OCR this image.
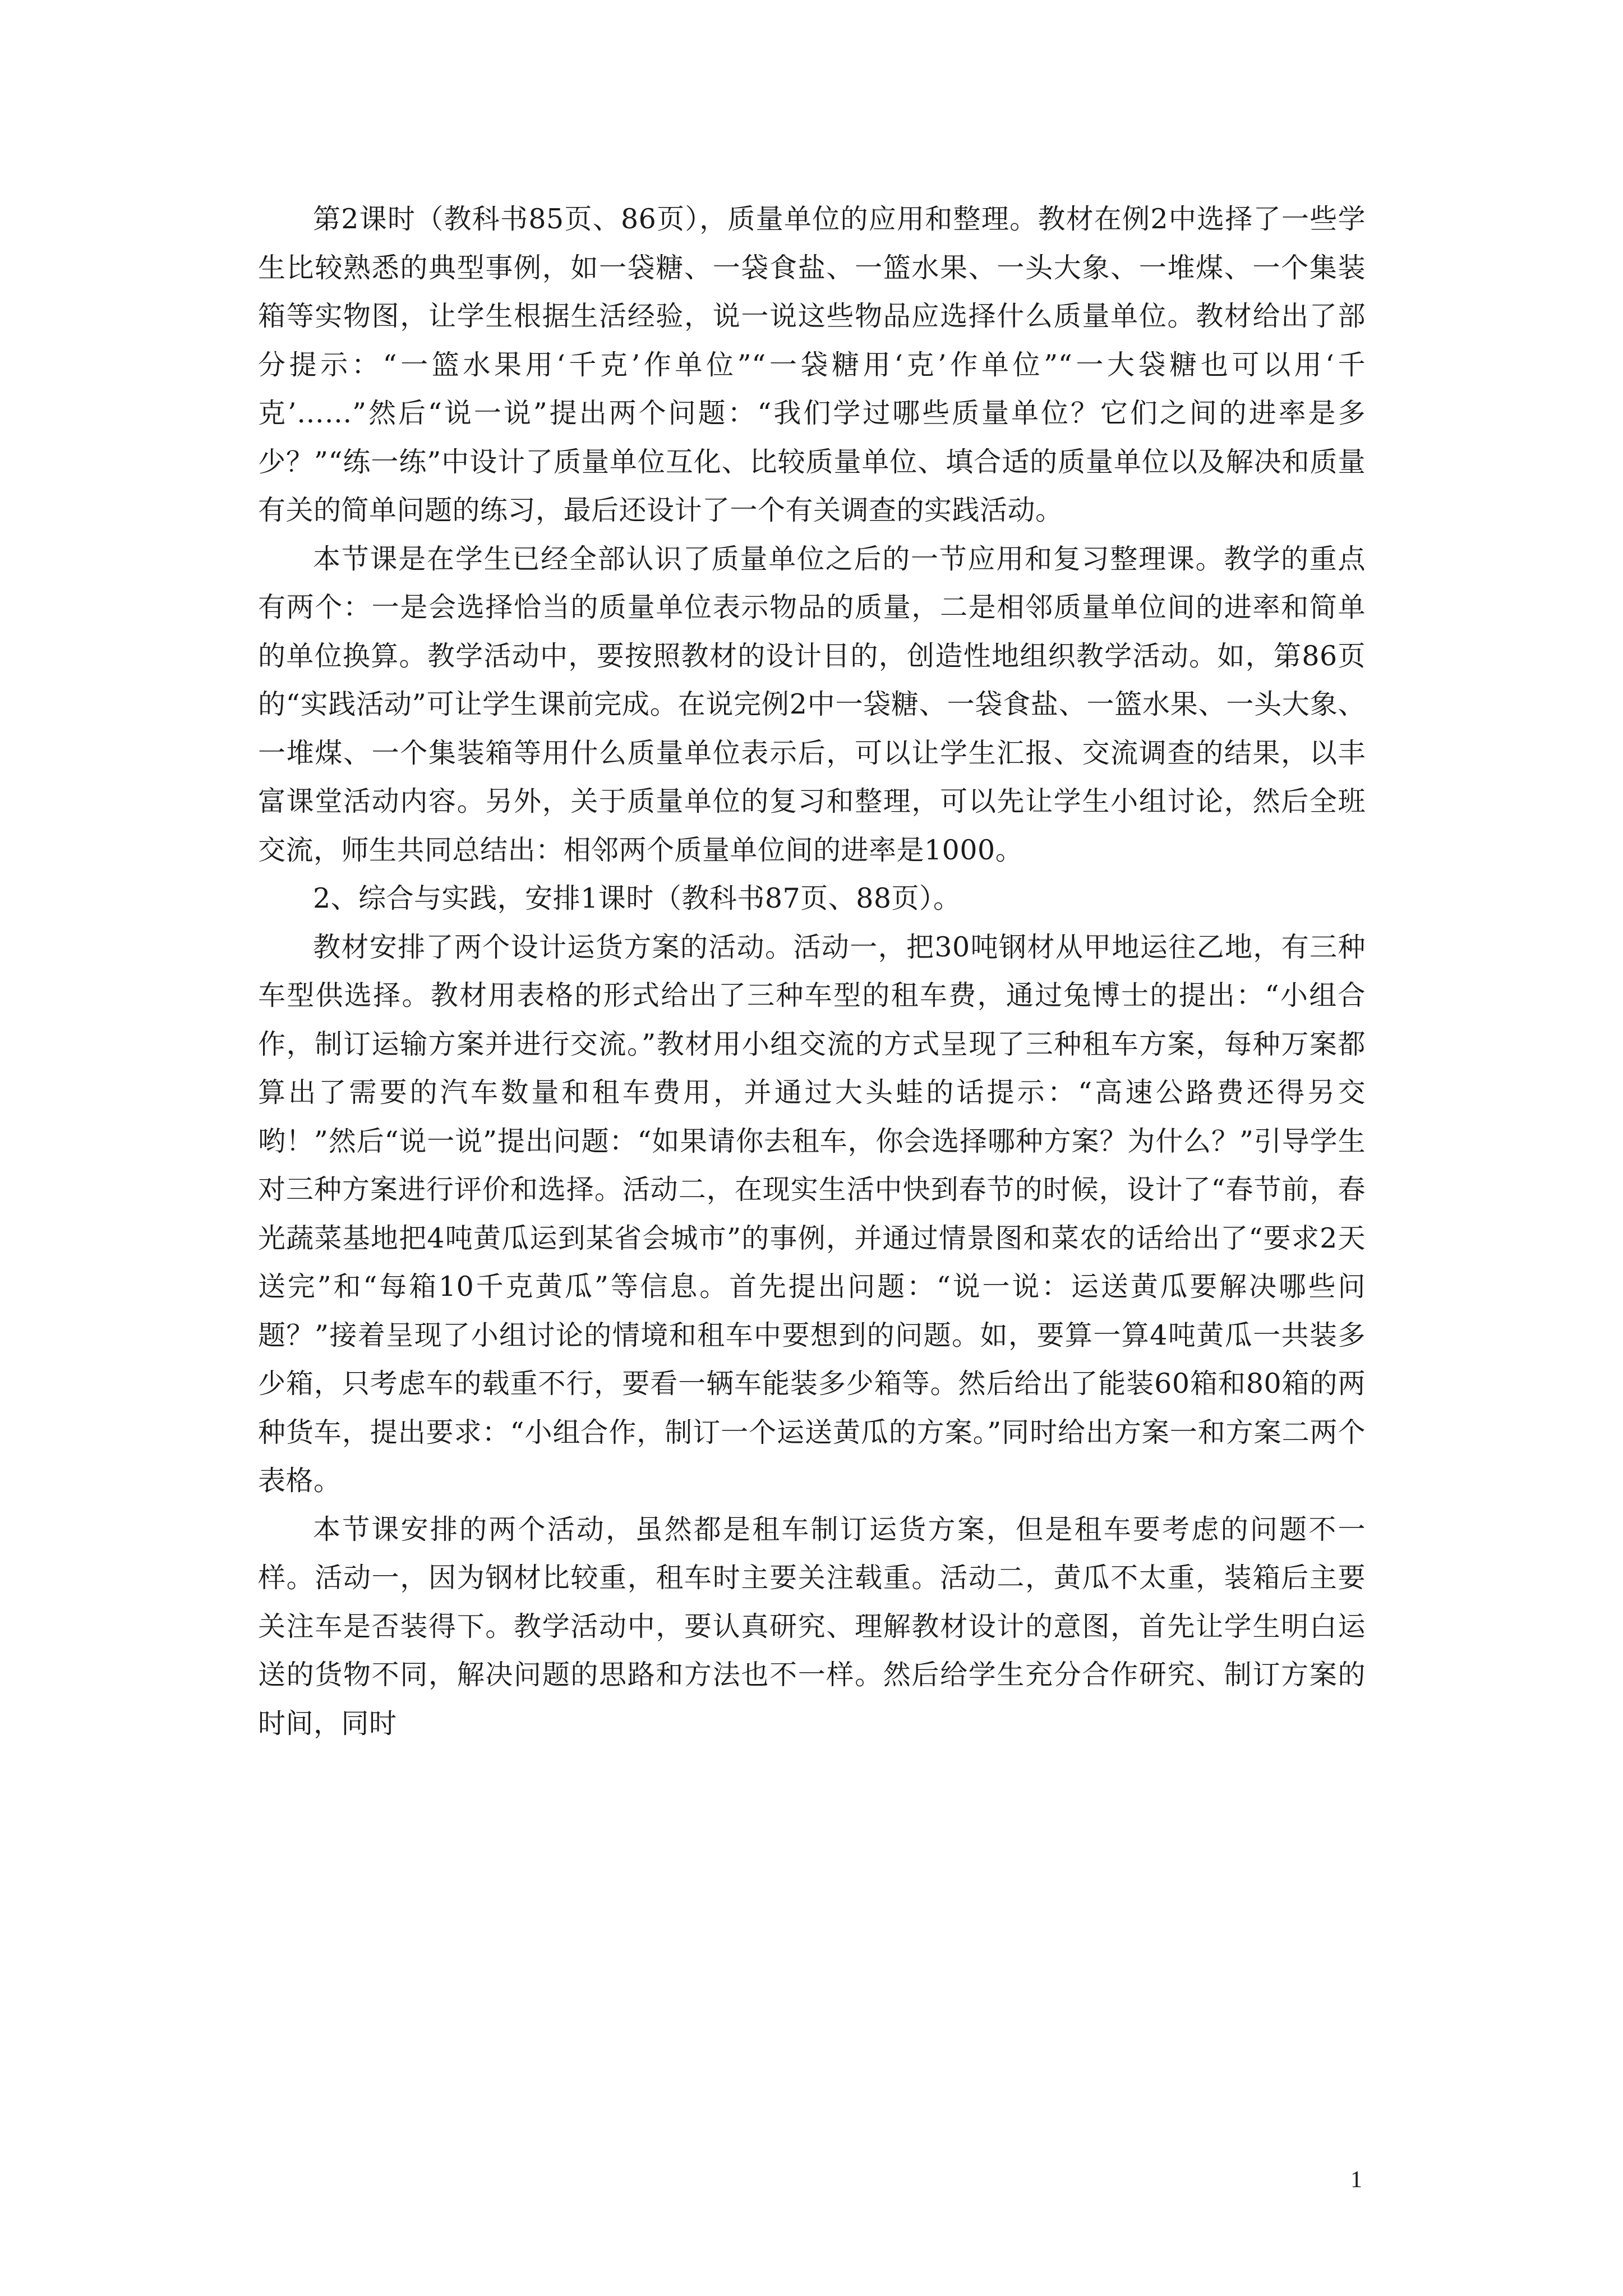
第2课时（教科书85页、86页），质量单位的应用和整理。教材在例2中选择了一些学生比较熟悉的典型事例，如一袋糖、一袋食盐、一篮水果、一头大象、一堆煤、一个集装箱等实物图，让学生根据生活经验，说一说这些物品应选择什么质量单位。教材给出了部分提示：“一篮水果用‘千克’作单位”“一袋糖用‘克’作单位”“一大袋糖也可以用‘千克’……”然后“说一说”提出两个问题：“我们学过哪些质量单位？它们之间的进率是多少？”“练一练”中设计了质量单位互化、比较质量单位、填合适的质量单位以及解决和质量有关的简单问题的练习，最后还设计了一个有关调查的实践活动。

本节课是在学生已经全部认识了质量单位之后的一节应用和复习整理课。教学的重点有两个：一是会选择恰当的质量单位表示物品的质量，二是相邻质量单位间的进率和简单的单位换算。教学活动中，要按照教材的设计目的，创造性地组织教学活动。如，第86页的“实践活动”可让学生课前完成。在说完例2中一袋糖、一袋食盐、一篮水果、一头大象、一堆煤、一个集装箱等用什么质量单位表示后，可以让学生汇报、交流调查的结果，以丰富课堂活动内容。另外，关于质量单位的复习和整理，可以先让学生小组讨论，然后全班交流，师生共同总结出：相邻两个质量单位间的进率是1000。

2、综合与实践，安排1课时（教科书87页、88页）。

教材安排了两个设计运货方案的活动。活动一，把30吨钢材从甲地运往乙地，有三种车型供选择。教材用表格的形式给出了三种车型的租车费，通过兔博士的提出：“小组合作，制订运输方案并进行交流。”教材用小组交流的方式呈现了三种租车方案，每种万案都算出了需要的汽车数量和租车费用，并通过大头蛙的话提示：“高速公路费还得另交哟！”然后“说一说”提出问题：“如果请你去租车，你会选择哪种方案？为什么？”引导学生对三种方案进行评价和选择。活动二，在现实生活中快到春节的时候，设计了“春节前，春光蔬菜基地把4吨黄瓜运到某省会城市”的事例，并通过情景图和菜农的话给出了“要求2天送完”和“每箱10千克黄瓜”等信息。首先提出问题：“说一说：运送黄瓜要解决哪些问题？”接着呈现了小组讨论的情境和租车中要想到的问题。如，要算一算4吨黄瓜一共装多少箱，只考虑车的载重不行，要看一辆车能装多少箱等。然后给出了能装60箱和80箱的两种货车，提出要求：“小组合作，制订一个运送黄瓜的方案。”同时给出方案一和方案二两个表格。

本节课安排的两个活动，虽然都是租车制订运货方案，但是租车要考虑的问题不一样。活动一，因为钢材比较重，租车时主要关注载重。活动二，黄瓜不太重，装箱后主要关注车是否装得下。教学活动中，要认真研究、理解教材设计的意图，首先让学生明白运送的货物不同，解决问题的思路和方法也不一样。然后给学生充分合作研究、制订方案的时间，同时

1
